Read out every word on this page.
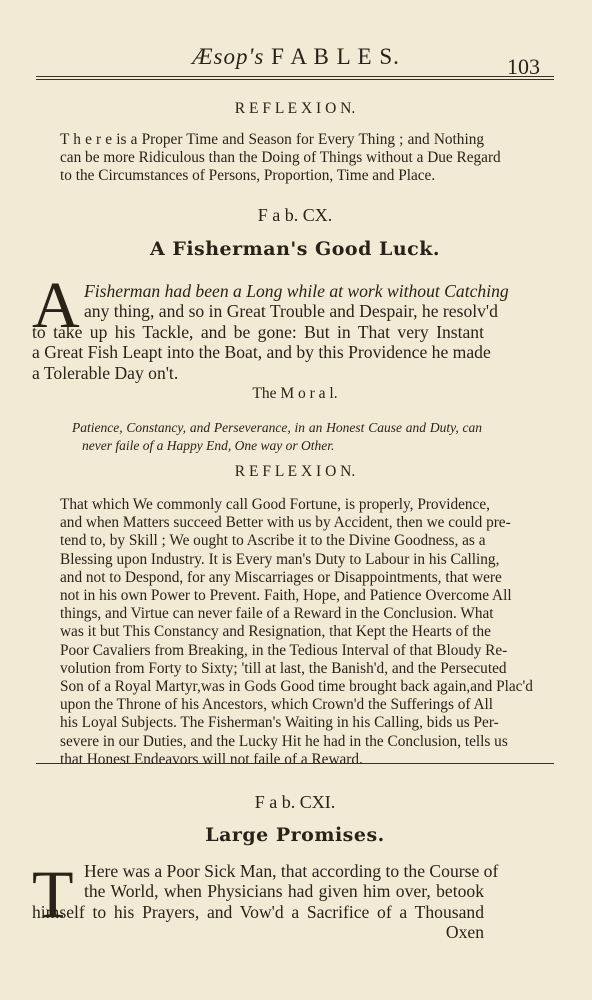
Æsop's F A B L E S.	103
R E F L E X I O N.
T h e r e is a Proper Time and Season for Every Thing ; and Nothing
can be more Ridiculous than the Doing of Things without a Due Regard
to the Circumstances of Persons, Proportion, Time and Place.
F a b. CX.
A Fisherman's Good Luck.
A Fisherman had been a Long while at work without Catching
any thing, and so in Great Trouble and Despair, he resolv'd
to take up his Tackle, and be gone: But in That very Instant
a Great Fish Leapt into the Boat, and by this Providence he made
a Tolerable Day on't.
The M o r a l.
Patience, Constancy, and Perseverance, in an Honest Cause and Duty, can
never faile of a Happy End, One way or Other.
R E F L E X I O N.
That which We commonly call Good Fortune, is properly, Providence,
and when Matters succeed Better with us by Accident, then we could pre-
tend to, by Skill ; We ought to Ascribe it to the Divine Goodness, as a
Blessing upon Industry. It is Every man's Duty to Labour in his Calling,
and not to Despond, for any Miscarriages or Disappointments, that were
not in his own Power to Prevent. Faith, Hope, and Patience Overcome All
things, and Virtue can never faile of a Reward in the Conclusion. What
was it but This Constancy and Resignation, that Kept the Hearts of the
Poor Cavaliers from Breaking, in the Tedious Interval of that Bloudy Re-
volution from Forty to Sixty; 'till at last, the Banish'd, and the Persecuted
Son of a Royal Martyr,was in Gods Good time brought back again,and Plac'd
upon the Throne of his Ancestors, which Crown'd the Sufferings of All
his Loyal Subjects. The Fisherman's Waiting in his Calling, bids us Per-
severe in our Duties, and the Lucky Hit he had in the Conclusion, tells us
that Honest Endeavors will not faile of a Reward.
F a b. CXI.
Large Promises.
T Here was a Poor Sick Man, that according to the Course of
the World, when Physicians had given him over, betook
himself to his Prayers, and Vow'd a Sacrifice of a Thousand
Oxen
